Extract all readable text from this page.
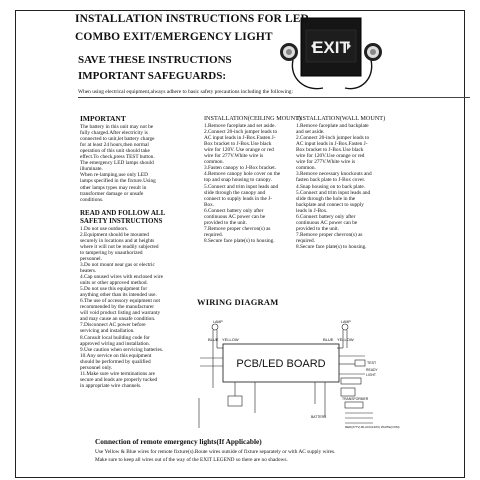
EXIT
INSTALLATION INSTRUCTIONS FOR LED
COMBO EXIT/EMERGENCY LIGHT
SAVE THESE INSTRUCTIONS
IMPORTANT SAFEGUARDS:
When using electrical equipment,always adhere to basic safety precautions including the following:
IMPORTANT
The battery in this unit may not be
fully charged.After electricity is
connected to unit,let battery charge
for at least 24 hours,then normal
operation of this unit should take
effect.To check,press TEST button.
The emergency LED lamps should
illuminate.
When re-lamping,use only LED
lamps specified in the fixture.Using
other lamps types may result in
transformer damage or unsafe
conditions.
READ AND FOLLOW ALL
SAFETY INSTRUCTIONS
1.Do not use outdoors.
2.Equipment should be mounted
securely in locations and at heights
where it will not be readily subjected
to tampering by unauthorized
personnel.
3.Do not mount near gas or electric
heaters.
4.Cap unused wires with enclosed wire
units or other approved method.
5.Do not use this equipment for
anything other than its intended use.
6.The use of accessory equipment not
recommended by the manufacturer
will void product listing and warranty
and may cause an unsafe condition.
7.Disconnect AC power before
servicing and installation.
8.Consult local building code for
approved wiring and installation.
9.Use caution when servicing batteries.
10.Any service on this equipment
should be performed by qualified
personnel only.
11.Make sure wire terminations are
secure and leads are properly tucked
in appropriate wire channels.
INSTALLATION(CEILING MOUNT)
1.Remove faceplate and set aside.
2.Connect 20-inch jumper leads to
AC input leads in J-Box.Fasten J-
Box bracket to J-Box.Use black
wire for 120V. Use orange or red
wire for 277V.White wire is
common.
3.Fasten canopy to J-Box bracket.
4.Remove canopy hole cover on the
top and snap housing to canopy.
5.Connect and trim input leads and
slide through the canopy and
connect to supply leads in the J-
Box.
6.Connect battery only after
continuous AC power can be
provided to the unit.
7.Remove proper chevron(s) as
required.
8.Secure face plate(s) to housing.
INSTALLATION(WALL MOUNT)
1.Remove faceplate and backplate
and set aside.
2.Connect 20-inch jumper leads to
AC input leads in J-Box.Fasten J-
Box bracket to J-Box.Use black
wire for 120V.Use orange or red
wire for 277V.White wire is
common.
3.Remove necessary knockouts and
fasten back plate to J-Box cover.
4.Snap housing on to back plate.
5.Connect and trim input leads and
slide through the hole in the
backplate and connect to supply
leads in J-Box.
6.Connect battery only after
continuous AC power can be
provided to the unit.
7.Remove proper chevron(s) as
required.
8.Secure face plate(s) to housing.
WIRING DIAGRAM
LAMP	LAMP
BLUE YELLOW	BLUE YELLOW
PCB/LED BOARD	TEST
READY
LIGHT
TRANSFORMER
BATTERY
RED(277V) BLACK(120V) WHITE(COM)
Connection of remote emergency lights(If Applicable)
Use Yellow & Blue wires for remote fixture(s).Route wires outside of fixture separately or with AC supply wires.
Make sure to keep all wires out of the way of the EXIT LEGEND so there are no shadows.
